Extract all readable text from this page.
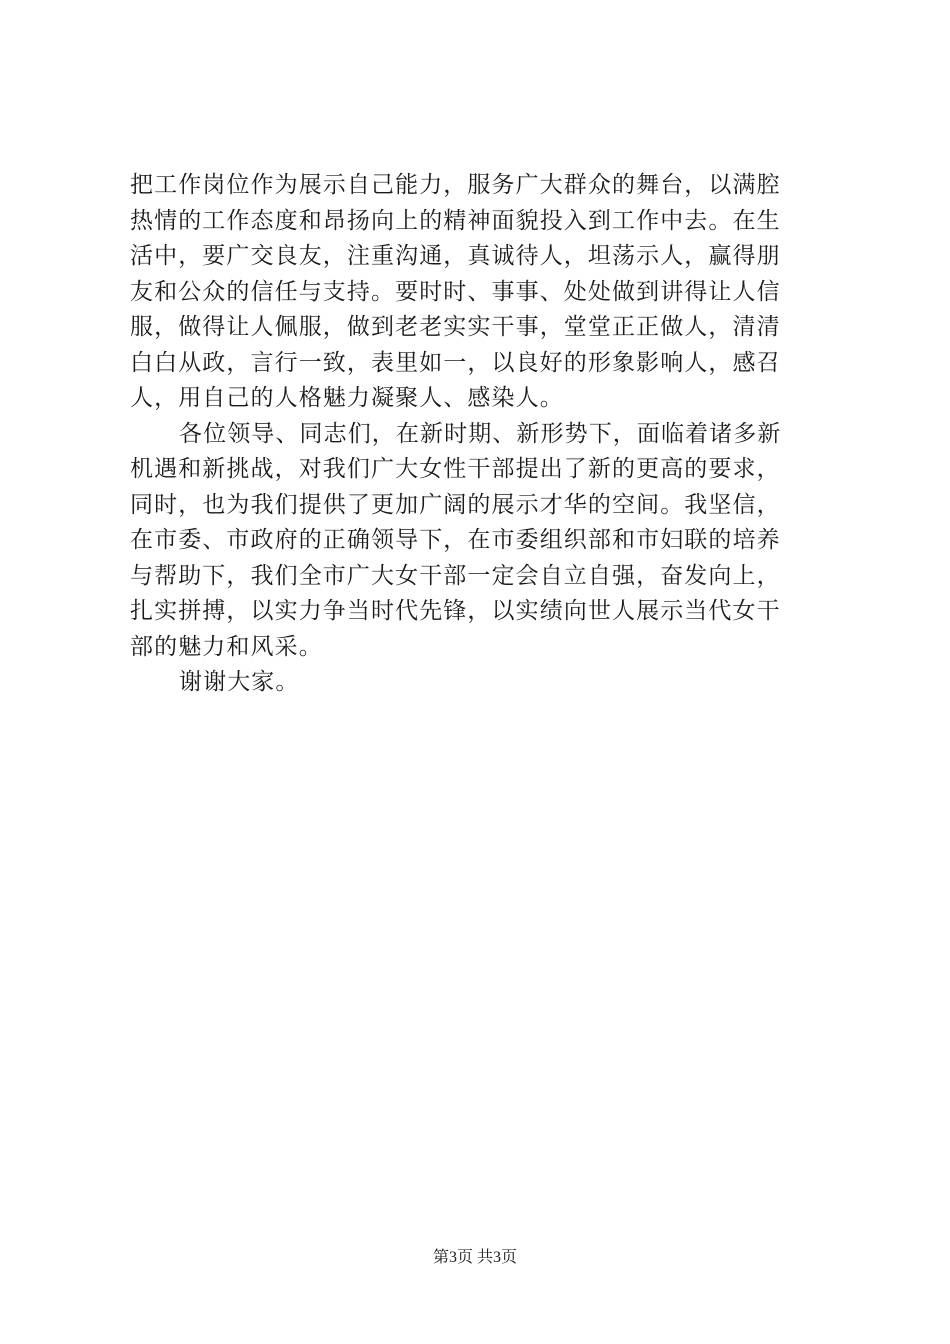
把工作岗位作为展示自己能力，服务广大群众的舞台，以满腔
热情的工作态度和昂扬向上的精神面貌投入到工作中去。在生
活中，要广交良友，注重沟通，真诚待人，坦荡示人，赢得朋
友和公众的信任与支持。要时时、事事、处处做到讲得让人信
服，做得让人佩服，做到老老实实干事，堂堂正正做人，清清
白白从政，言行一致，表里如一，以良好的形象影响人，感召
人，用自己的人格魅力凝聚人、感染人。
各位领导、同志们，在新时期、新形势下，面临着诸多新
机遇和新挑战，对我们广大女性干部提出了新的更高的要求，
同时，也为我们提供了更加广阔的展示才华的空间。我坚信，
在市委、市政府的正确领导下，在市委组织部和市妇联的培养
与帮助下，我们全市广大女干部一定会自立自强，奋发向上，
扎实拼搏，以实力争当时代先锋，以实绩向世人展示当代女干
部的魅力和风采。
谢谢大家。
第3页 共3页
